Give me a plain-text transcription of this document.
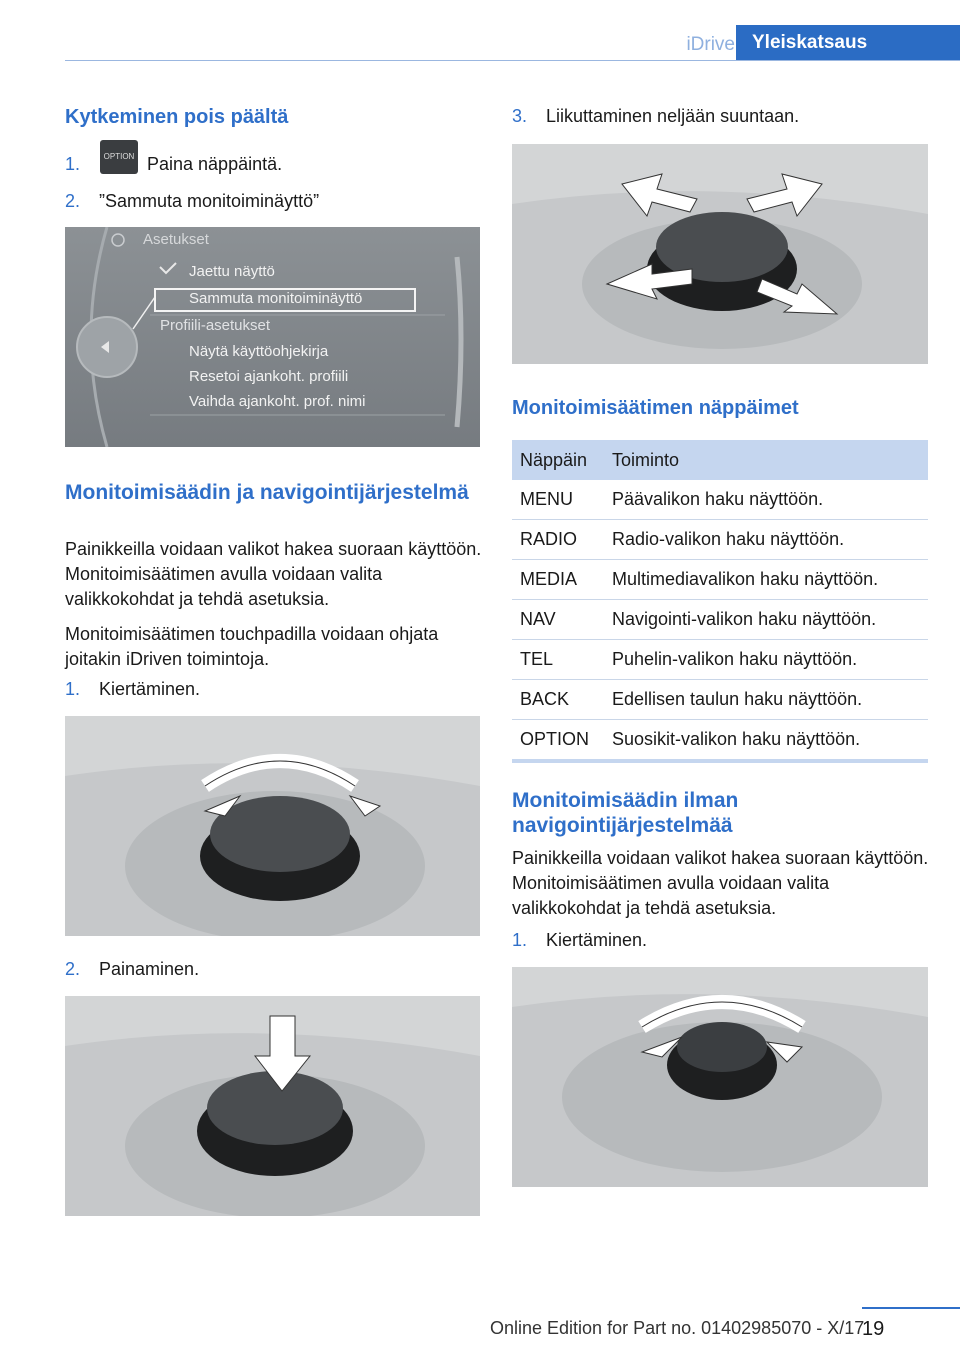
iDrive Yleiskatsaus
Kytkeminen pois päältä
1.	OPTION Paina näppäintä.
2. ”Sammuta monitoiminäyttö”
Asetukset
Jaettu näyttö
Sammuta monitoiminäyttö
Profiili-asetukset
Näytä käyttöohjekirja
Resetoi ajankoht. profiili
Vaihda ajankoht. prof. nimi
Monitoimisäädin ja navigointijärjestelmä
Painikkeilla voidaan valikot hakea suoraan käyttöön. Monitoimisäätimen avulla voidaan valita valikkokohdat ja tehdä asetuksia.
Monitoimisäätimen touchpadilla voidaan ohjata joitakin iDriven toimintoja.
1. Kiertäminen.
2. Painaminen.
3. Liikuttaminen neljään suuntaan.
Monitoimisäätimen näppäimet
Näppäin	Toiminto
MENU	Päävalikon haku näyttöön.
RADIO	Radio-valikon haku näyttöön.
MEDIA	Multimediavalikon haku näyttöön.
NAV	Navigointi-valikon haku näyttöön.
TEL	Puhelin-valikon haku näyttöön.
BACK	Edellisen taulun haku näyttöön.
OPTION	Suosikit-valikon haku näyttöön.
Monitoimisäädin ilman navigointijärjestelmää
Painikkeilla voidaan valikot hakea suoraan käyttöön. Monitoimisäätimen avulla voidaan valita valikkokohdat ja tehdä asetuksia.
1. Kiertäminen.
19
Online Edition for Part no. 01402985070 - X/17
